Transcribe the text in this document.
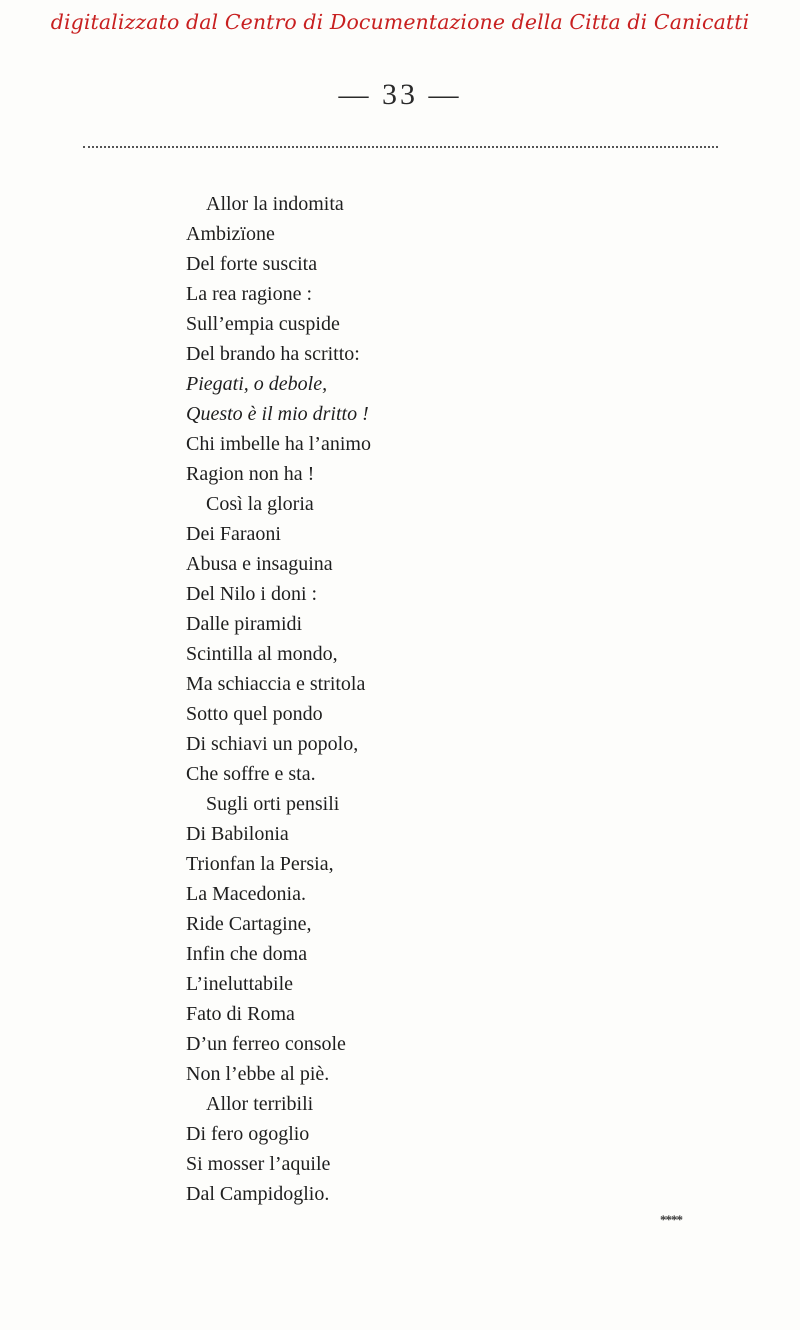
digitalizzato dal Centro di Documentazione della Citta di Canicatti
— 33 —
Allor la indomita
Ambizïone
Del forte suscita
La rea ragione :
Sull’empia cuspide
Del brando ha scritto:
Piegati, o debole,
Questo è il mio dritto !
Chi imbelle ha l’animo
Ragion non ha !
Così la gloria
Dei Faraoni
Abusa e insaguina
Del Nilo i doni :
Dalle piramidi
Scintilla al mondo,
Ma schiaccia e stritola
Sotto quel pondo
Di schiavi un popolo,
Che soffre e sta.
Sugli orti pensili
Di Babilonia
Trionfan la Persia,
La Macedonia.
Ride Cartagine,
Infin che doma
L’ineluttabile
Fato di Roma
D’un ferreo console
Non l’ebbe al piè.
Allor terribili
Di fero ogoglio
Si mosser l’aquile
Dal Campidoglio.
****
